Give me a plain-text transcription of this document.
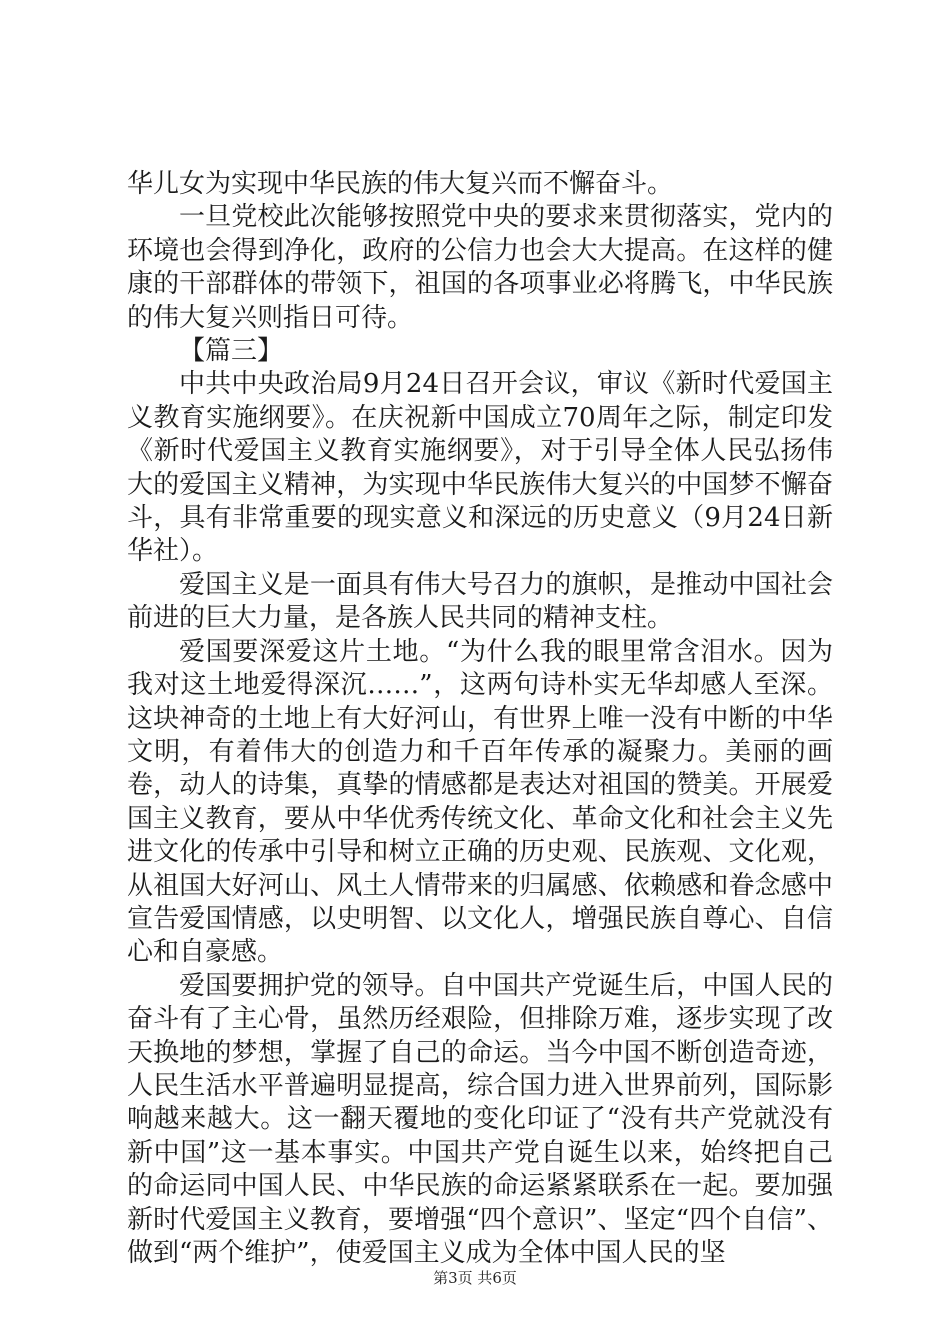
华儿女为实现中华民族的伟大复兴而不懈奋斗。

一旦党校此次能够按照党中央的要求来贯彻落实，党内的环境也会得到净化，政府的公信力也会大大提高。在这样的健康的干部群体的带领下，祖国的各项事业必将腾飞，中华民族的伟大复兴则指日可待。

【篇三】

中共中央政治局9月24日召开会议，审议《新时代爱国主义教育实施纲要》。在庆祝新中国成立70周年之际，制定印发《新时代爱国主义教育实施纲要》，对于引导全体人民弘扬伟大的爱国主义精神，为实现中华民族伟大复兴的中国梦不懈奋斗，具有非常重要的现实意义和深远的历史意义（9月24日新华社）。

爱国主义是一面具有伟大号召力的旗帜，是推动中国社会前进的巨大力量，是各族人民共同的精神支柱。

爱国要深爱这片土地。“为什么我的眼里常含泪水。因为我对这土地爱得深沉……”，这两句诗朴实无华却感人至深。这块神奇的土地上有大好河山，有世界上唯一没有中断的中华文明，有着伟大的创造力和千百年传承的凝聚力。美丽的画卷，动人的诗集，真挚的情感都是表达对祖国的赞美。开展爱国主义教育，要从中华优秀传统文化、革命文化和社会主义先进文化的传承中引导和树立正确的历史观、民族观、文化观，从祖国大好河山、风土人情带来的归属感、依赖感和眷念感中宣告爱国情感，以史明智、以文化人，增强民族自尊心、自信心和自豪感。

爱国要拥护党的领导。自中国共产党诞生后，中国人民的奋斗有了主心骨，虽然历经艰险，但排除万难，逐步实现了改天换地的梦想，掌握了自己的命运。当今中国不断创造奇迹，人民生活水平普遍明显提高，综合国力进入世界前列，国际影响越来越大。这一翻天覆地的变化印证了“没有共产党就没有新中国”这一基本事实。中国共产党自诞生以来，始终把自己的命运同中国人民、中华民族的命运紧紧联系在一起。要加强新时代爱国主义教育，要增强“四个意识”、坚定“四个自信”、做到“两个维护”，使爱国主义成为全体中国人民的坚

第3页 共6页
